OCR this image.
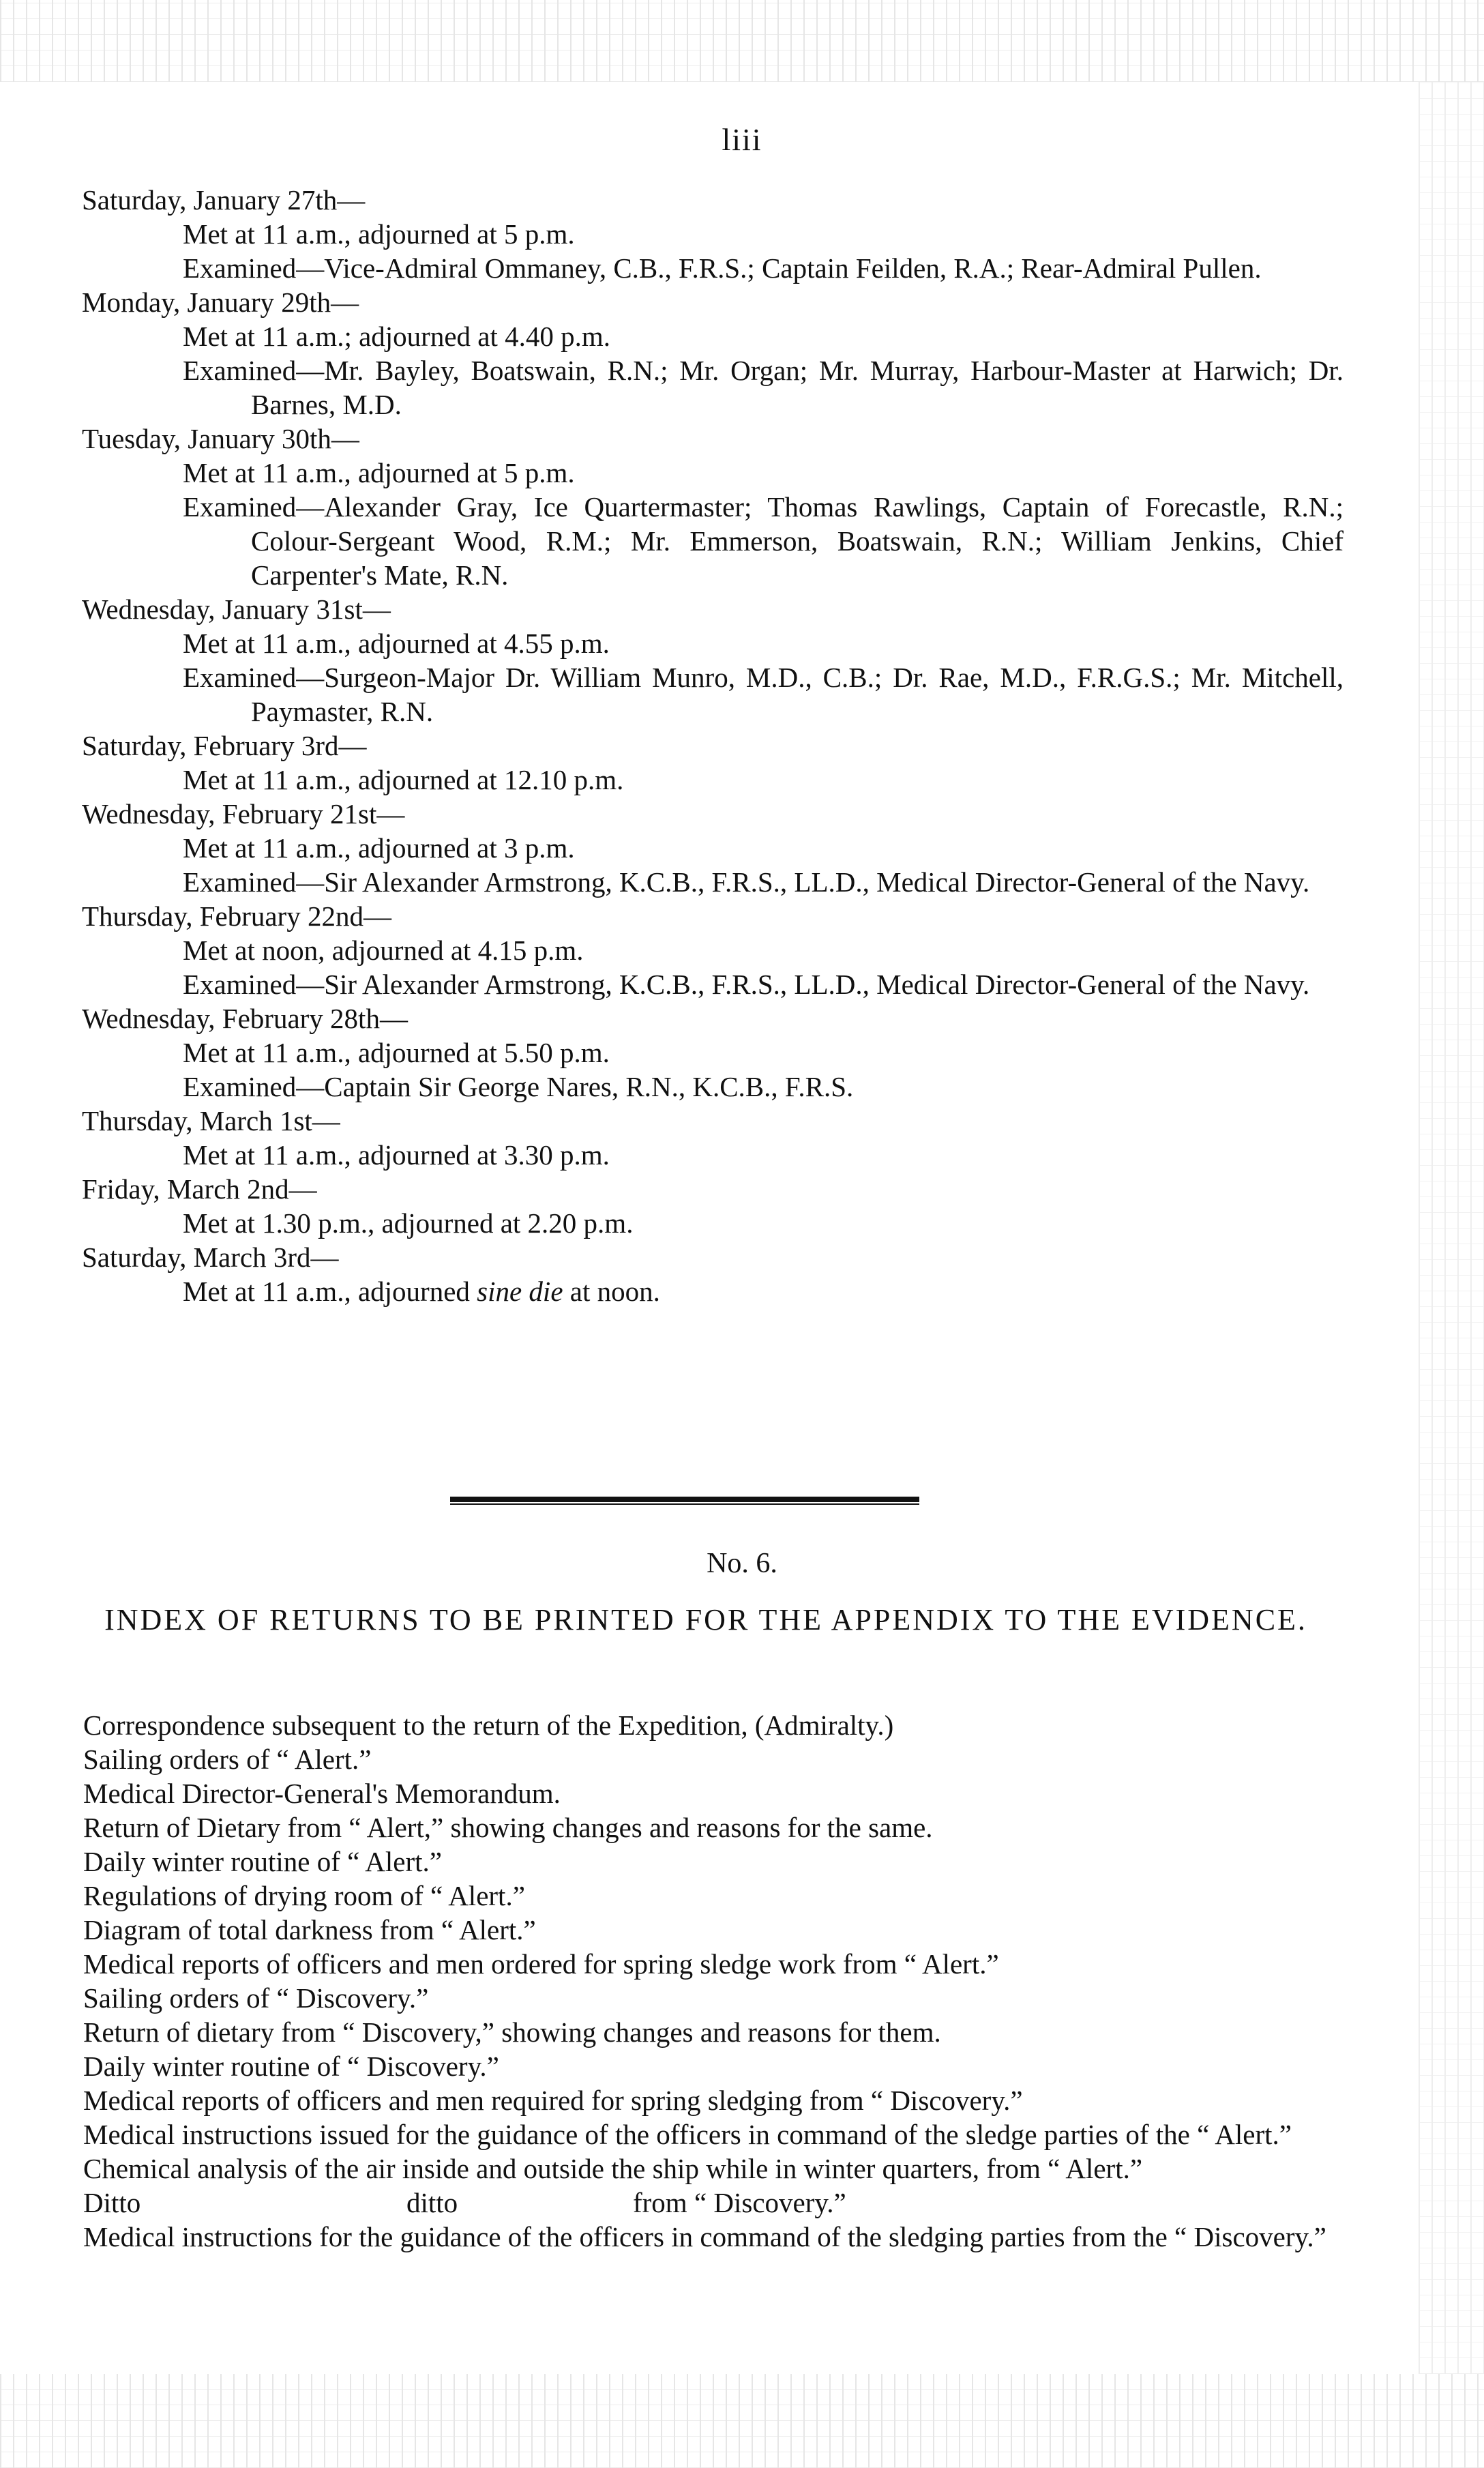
liii
Saturday, January 27th—
Met at 11 a.m., adjourned at 5 p.m.
Examined—Vice-Admiral Ommaney, C.B., F.R.S.; Captain Feilden, R.A.; Rear-Admiral Pullen.
Monday, January 29th—
Met at 11 a.m.; adjourned at 4.40 p.m.
Examined—Mr. Bayley, Boatswain, R.N.; Mr. Organ; Mr. Murray, Harbour-Master at Harwich; Dr. Barnes, M.D.
Tuesday, January 30th—
Met at 11 a.m., adjourned at 5 p.m.
Examined—Alexander Gray, Ice Quartermaster; Thomas Rawlings, Captain of Forecastle, R.N.; Colour-Sergeant Wood, R.M.; Mr. Emmerson, Boatswain, R.N.; William Jenkins, Chief Carpenter's Mate, R.N.
Wednesday, January 31st—
Met at 11 a.m., adjourned at 4.55 p.m.
Examined—Surgeon-Major Dr. William Munro, M.D., C.B.; Dr. Rae, M.D., F.R.G.S.; Mr. Mitchell, Paymaster, R.N.
Saturday, February 3rd—
Met at 11 a.m., adjourned at 12.10 p.m.
Wednesday, February 21st—
Met at 11 a.m., adjourned at 3 p.m.
Examined—Sir Alexander Armstrong, K.C.B., F.R.S., LL.D., Medical Director-General of the Navy.
Thursday, February 22nd—
Met at noon, adjourned at 4.15 p.m.
Examined—Sir Alexander Armstrong, K.C.B., F.R.S., LL.D., Medical Director-General of the Navy.
Wednesday, February 28th—
Met at 11 a.m., adjourned at 5.50 p.m.
Examined—Captain Sir George Nares, R.N., K.C.B., F.R.S.
Thursday, March 1st—
Met at 11 a.m., adjourned at 3.30 p.m.
Friday, March 2nd—
Met at 1.30 p.m., adjourned at 2.20 p.m.
Saturday, March 3rd—
Met at 11 a.m., adjourned sine die at noon.
No. 6.
INDEX OF RETURNS TO BE PRINTED FOR THE APPENDIX TO THE EVIDENCE.
Correspondence subsequent to the return of the Expedition, (Admiralty.)
Sailing orders of “ Alert.”
Medical Director-General's Memorandum.
Return of Dietary from “ Alert,” showing changes and reasons for the same.
Daily winter routine of “ Alert.”
Regulations of drying room of “ Alert.”
Diagram of total darkness from “ Alert.”
Medical reports of officers and men ordered for spring sledge work from “ Alert.”
Sailing orders of “ Discovery.”
Return of dietary from “ Discovery,” showing changes and reasons for them.
Daily winter routine of “ Discovery.”
Medical reports of officers and men required for spring sledging from “ Discovery.”
Medical instructions issued for the guidance of the officers in command of the sledge parties of the “ Alert.”
Chemical analysis of the air inside and outside the ship while in winter quarters, from “ Alert.”
Ditto	ditto	from “ Discovery.”
Medical instructions for the guidance of the officers in command of the sledging parties from the “ Discovery.”
